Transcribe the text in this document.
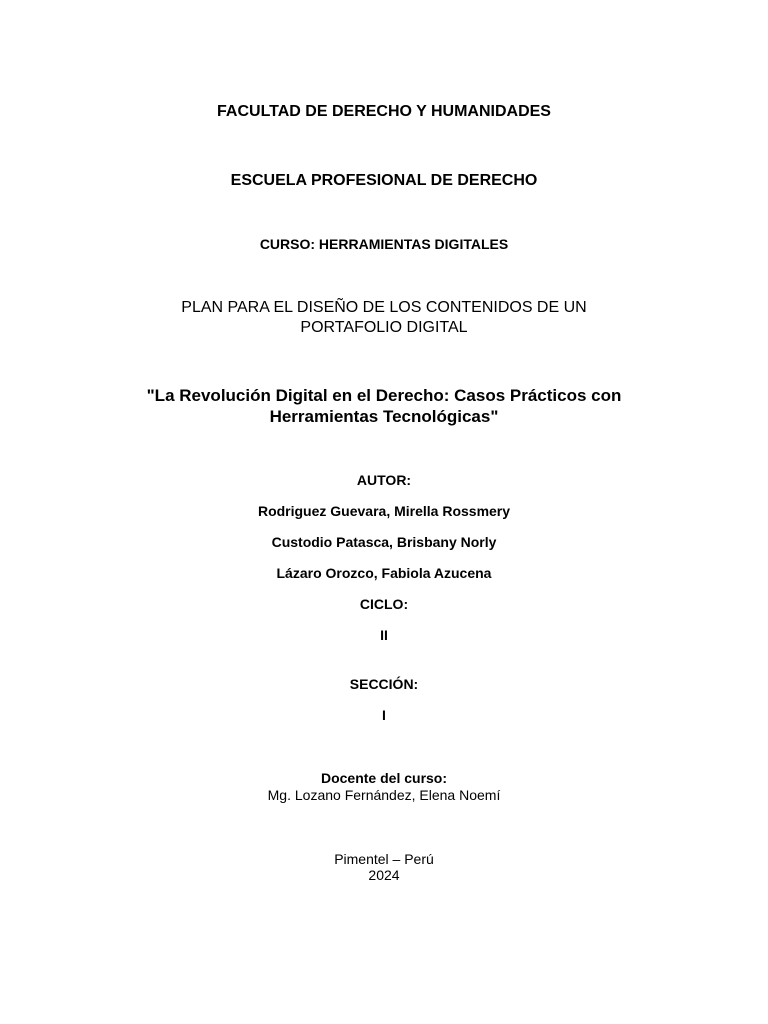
FACULTAD DE DERECHO Y HUMANIDADES
ESCUELA PROFESIONAL DE DERECHO
CURSO: HERRAMIENTAS DIGITALES
PLAN PARA EL DISEÑO DE LOS CONTENIDOS DE UN
PORTAFOLIO DIGITAL
"La Revolución Digital en el Derecho: Casos Prácticos con
Herramientas Tecnológicas"
AUTOR:
Rodriguez Guevara, Mirella Rossmery
Custodio Patasca, Brisbany Norly
Lázaro Orozco, Fabiola Azucena
CICLO:
II
SECCIÓN:
I
Docente del curso:
Mg. Lozano Fernández, Elena Noemí
Pimentel – Perú
2024
